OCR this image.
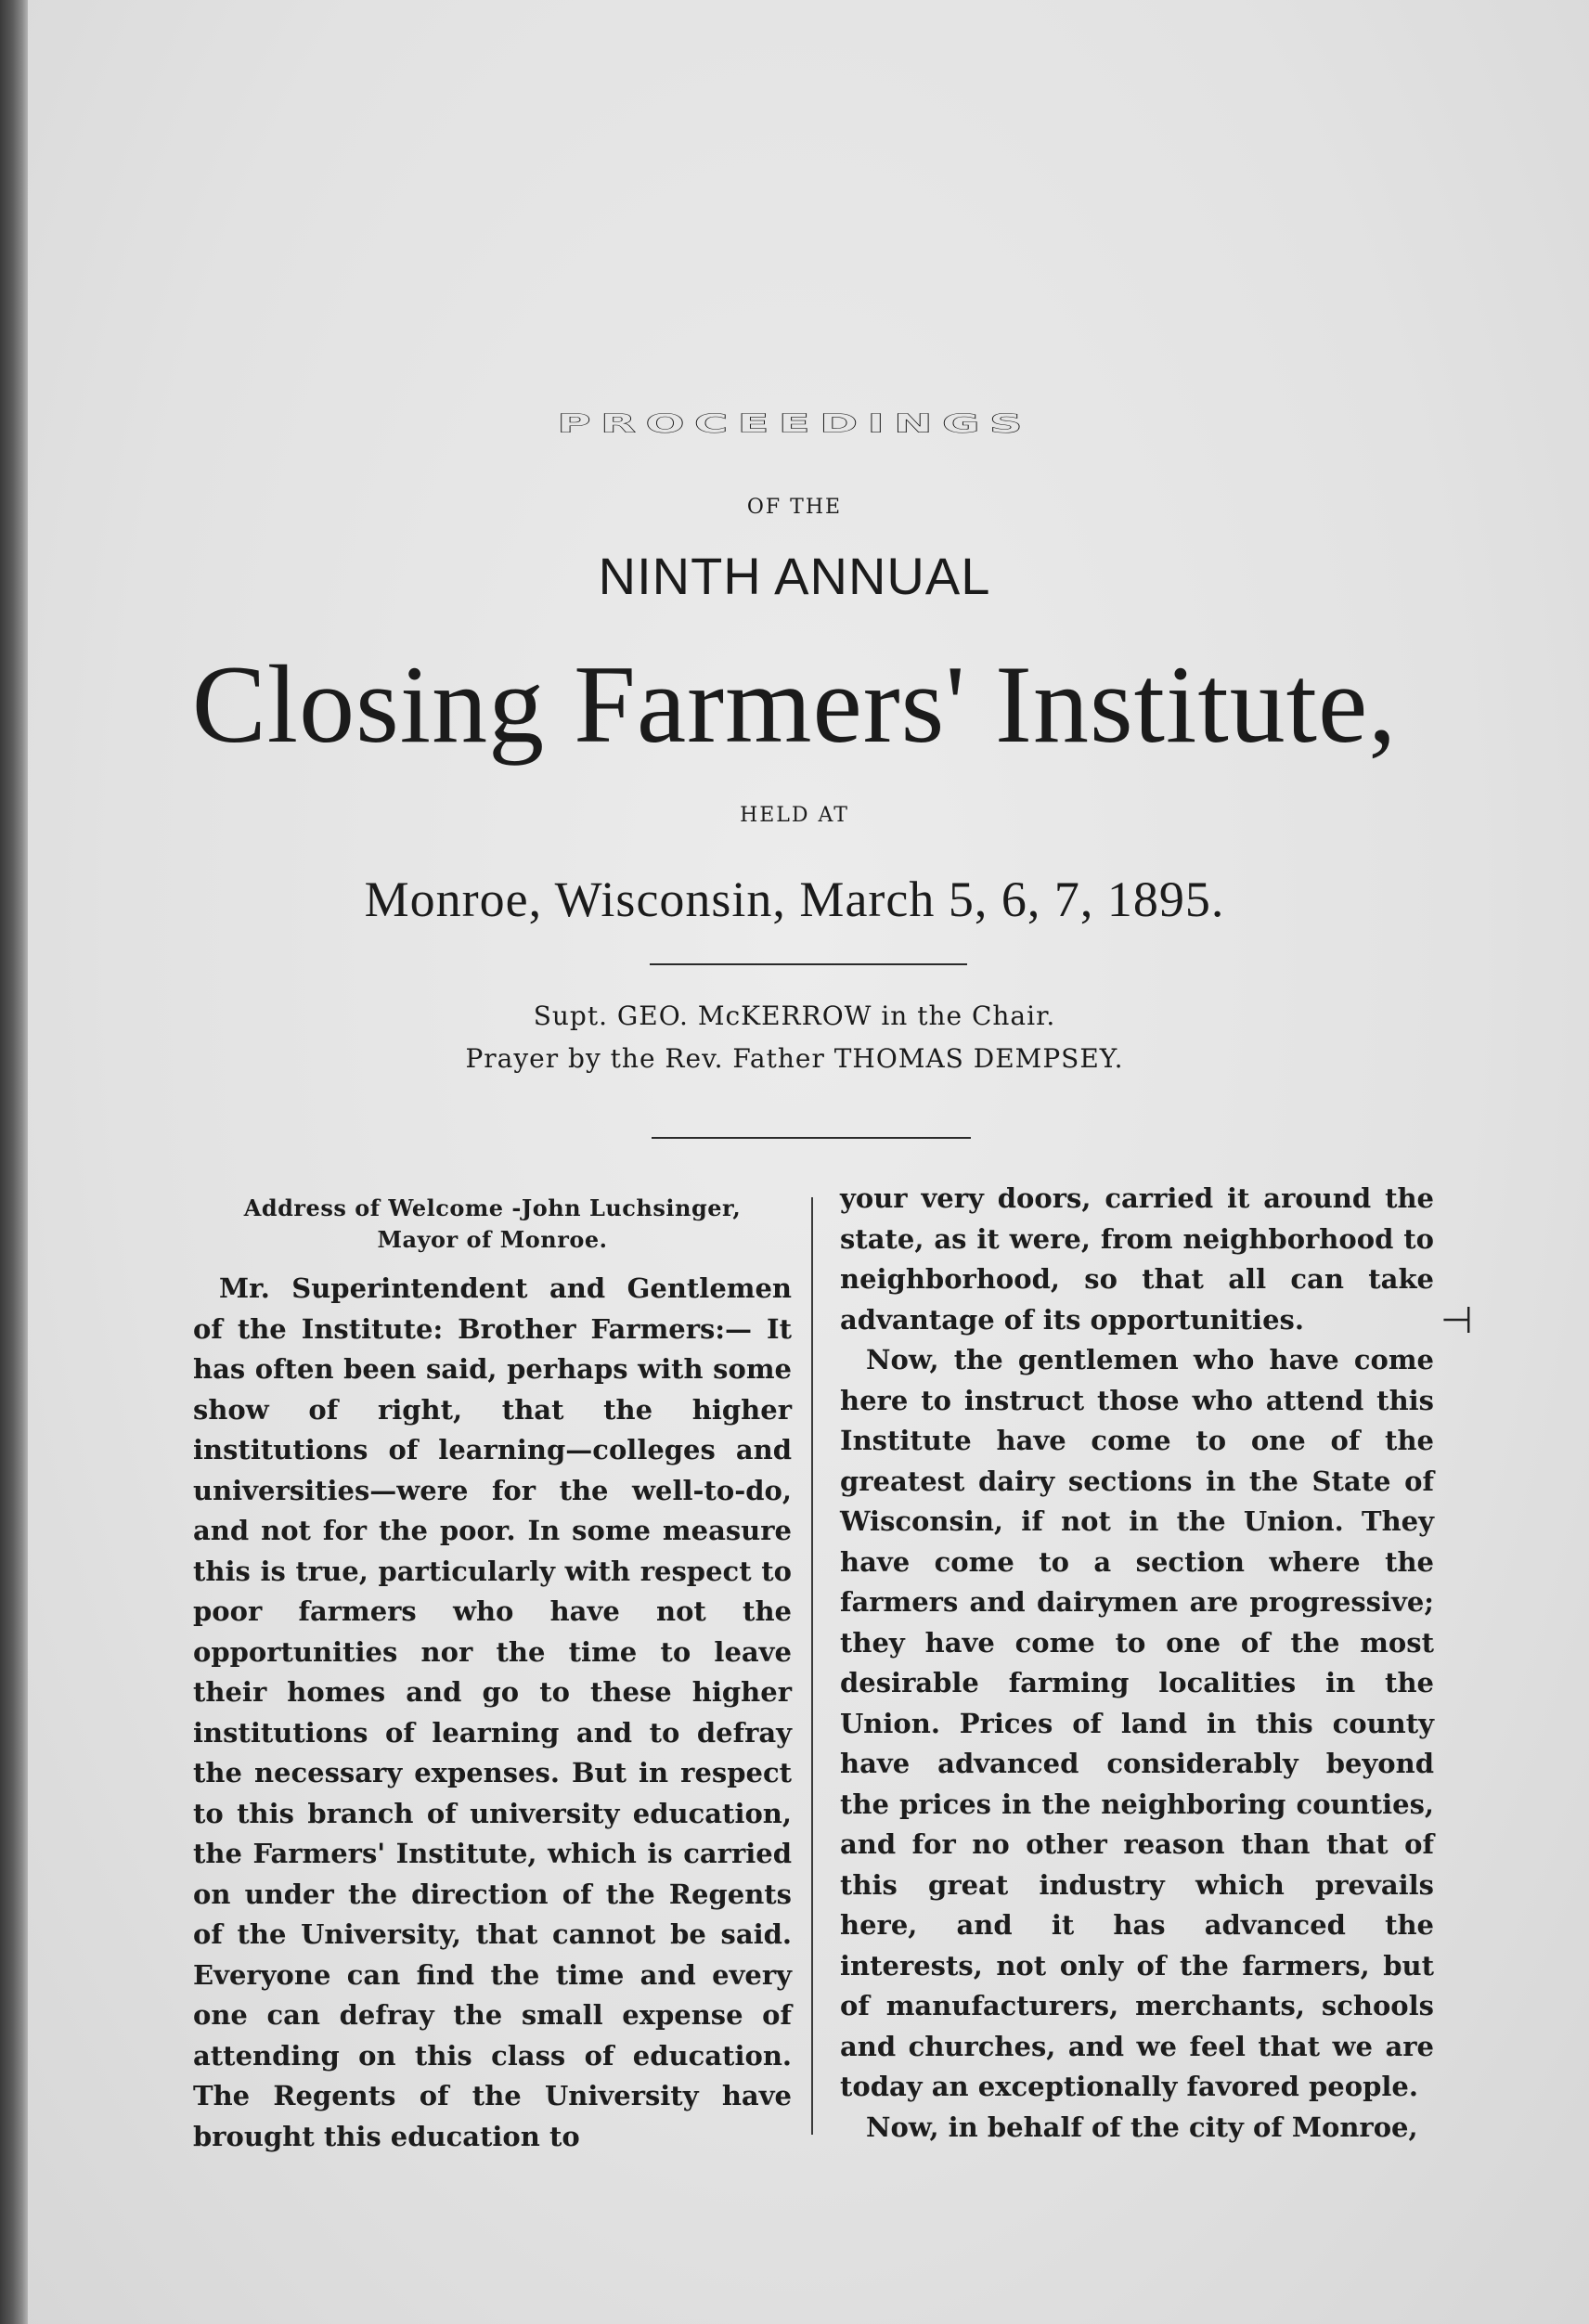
PROCEEDINGS
OF THE
NINTH ANNUAL
Closing Farmers' Institute,
HELD AT
Monroe, Wisconsin, March 5, 6, 7, 1895.
Supt. GEO. McKERROW in the Chair.
Prayer by the Rev. Father THOMAS DEMPSEY.

Address of Welcome -John Luchsinger,
Mayor of Monroe.

Mr. Superintendent and Gentlemen of the Institute: Brother Farmers:— It has often been said, perhaps with some show of right, that the higher institutions of learning—colleges and universities—were for the well-to-do, and not for the poor. In some measure this is true, particularly with respect to poor farmers who have not the opportunities nor the time to leave their homes and go to these higher institutions of learning and to defray the necessary expenses. But in respect to this branch of university education, the Farmers' Institute, which is carried on under the direction of the Regents of the University, that cannot be said. Everyone can find the time and every one can defray the small expense of attending on this class of education. The Regents of the University have brought this education to

your very doors, carried it around the state, as it were, from neighborhood to neighborhood, so that all can take advantage of its opportunities.

Now, the gentlemen who have come here to instruct those who attend this Institute have come to one of the greatest dairy sections in the State of Wisconsin, if not in the Union. They have come to a section where the farmers and dairymen are progressive; they have come to one of the most desirable farming localities in the Union. Prices of land in this county have advanced considerably beyond the prices in the neighboring counties, and for no other reason than that of this great industry which prevails here, and it has advanced the interests, not only of the farmers, but of manufacturers, merchants, schools and churches, and we feel that we are today an exceptionally favored people.

Now, in behalf of the city of Monroe,

⊣
